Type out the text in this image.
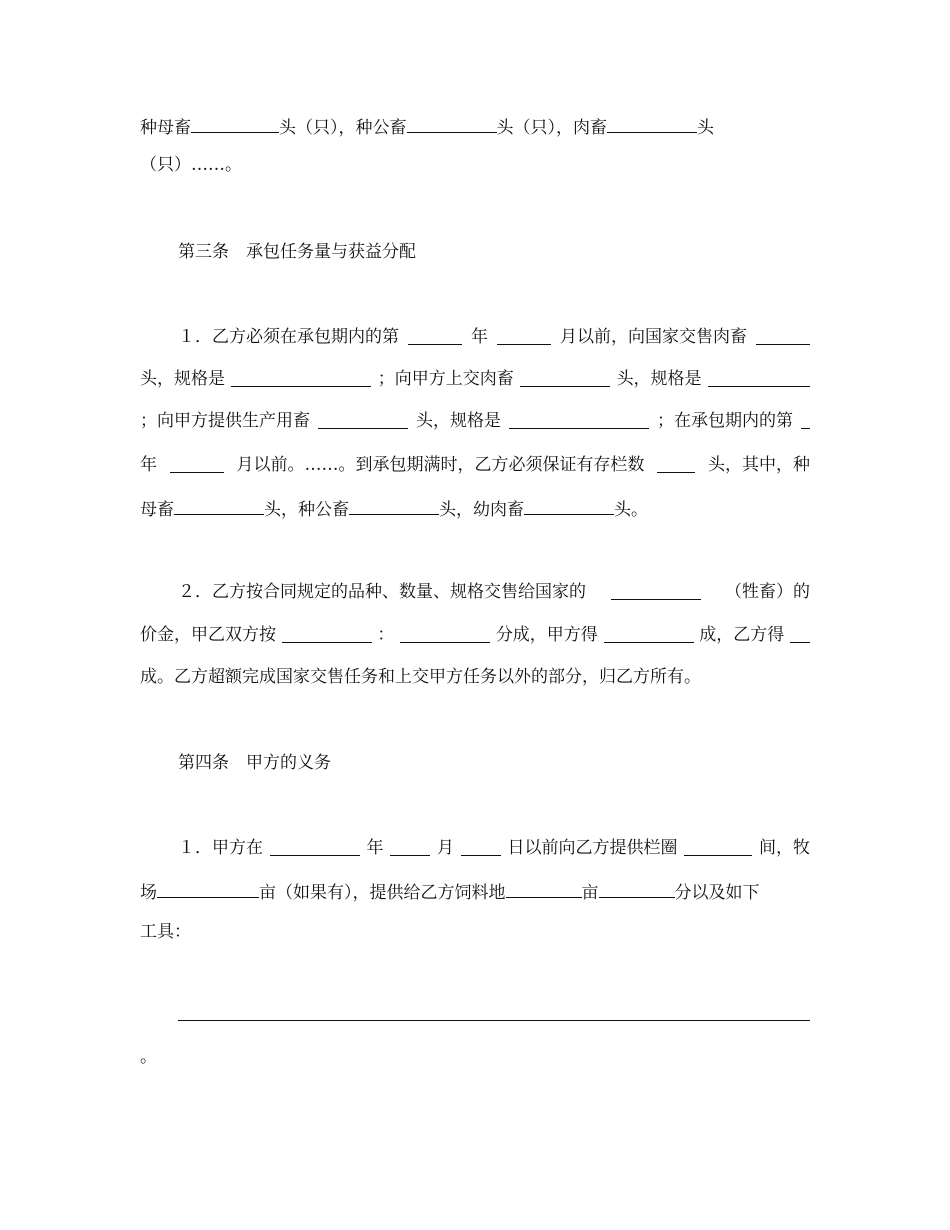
种母畜	头（只），种公畜	头（只），肉畜	头
（只）……。
第三条　承包任务量与获益分配
１．乙方必须在承包期内的第	年	月以前，向国家交售肉畜
头，规格是	；向甲方上交肉畜	头，规格是
；向甲方提供生产用畜	头，规格是	；在承包期内的第
年	月以前。……。到承包期满时，乙方必须保证有存栏数	头，其中，种
母畜	头，种公畜	头，幼肉畜	头。
２．乙方按合同规定的品种、数量、规格交售给国家的	（牲畜）的
价金，甲乙双方按	：	分成，甲方得	成，乙方得
成。乙方超额完成国家交售任务和上交甲方任务以外的部分，归乙方所有。
第四条　甲方的义务
１．甲方在	年	月	日以前向乙方提供栏圈	间，牧
场	亩（如果有），提供给乙方饲料地	亩	分以及如下
工具：
。
